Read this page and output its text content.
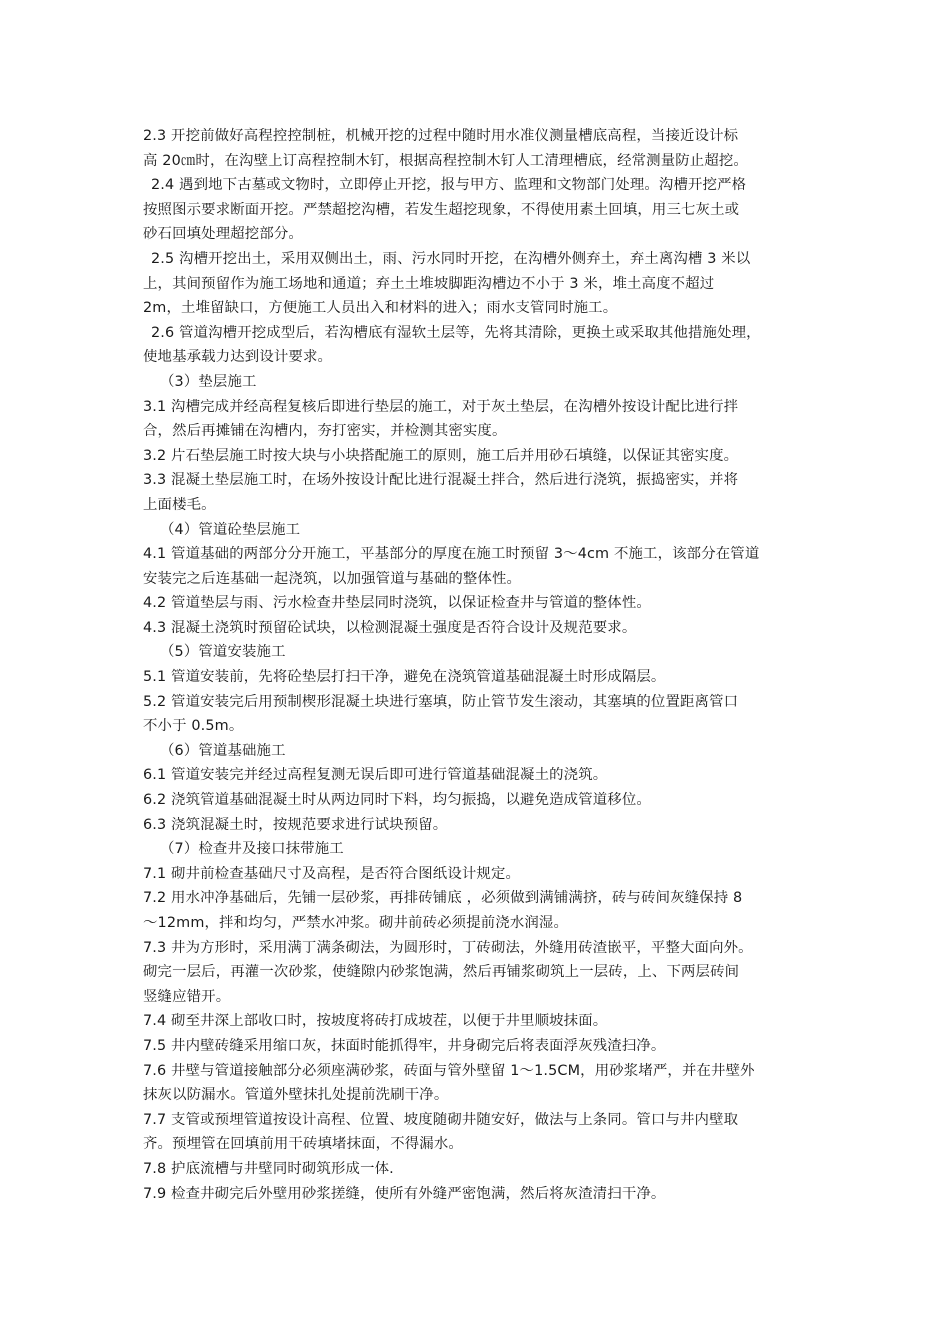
2.3 开挖前做好高程控控制桩，机械开挖的过程中随时用水准仪测量槽底高程，当接近设计标
高 20㎝时，在沟壁上订高程控制木钉，根据高程控制木钉人工清理槽底，经常测量防止超挖。
2.4 遇到地下古墓或文物时，立即停止开挖，报与甲方、监理和文物部门处理。沟槽开挖严格
按照图示要求断面开挖。严禁超挖沟槽，若发生超挖现象，不得使用素土回填，用三七灰土或
砂石回填处理超挖部分。
2.5 沟槽开挖出土，采用双侧出土，雨、污水同时开挖，在沟槽外侧弃土，弃土离沟槽 3 米以
上，其间预留作为施工场地和通道；弃土土堆坡脚距沟槽边不小于 3 米，堆土高度不超过
2m，土堆留缺口，方便施工人员出入和材料的进入；雨水支管同时施工。
2.6 管道沟槽开挖成型后，若沟槽底有湿软土层等，先将其清除，更换土或采取其他措施处理，
使地基承载力达到设计要求。
（3）垫层施工
3.1 沟槽完成并经高程复核后即进行垫层的施工，对于灰土垫层，在沟槽外按设计配比进行拌
合，然后再摊铺在沟槽内，夯打密实，并检测其密实度。
3.2 片石垫层施工时按大块与小块搭配施工的原则，施工后并用砂石填缝，以保证其密实度。
3.3 混凝土垫层施工时，在场外按设计配比进行混凝土拌合，然后进行浇筑，振捣密实，并将
上面楼毛。
（4）管道砼垫层施工
4.1 管道基础的两部分分开施工，平基部分的厚度在施工时预留 3～4cm 不施工，该部分在管道
安装完之后连基础一起浇筑，以加强管道与基础的整体性。
4.2 管道垫层与雨、污水检查井垫层同时浇筑，以保证检查井与管道的整体性。
4.3 混凝土浇筑时预留砼试块，以检测混凝土强度是否符合设计及规范要求。
（5）管道安装施工
5.1 管道安装前，先将砼垫层打扫干净，避免在浇筑管道基础混凝土时形成隔层。
5.2 管道安装完后用预制楔形混凝土块进行塞填，防止管节发生滚动，其塞填的位置距离管口
不小于 0.5m。
（6）管道基础施工
6.1 管道安装完并经过高程复测无误后即可进行管道基础混凝土的浇筑。
6.2 浇筑管道基础混凝土时从两边同时下料，均匀振捣，以避免造成管道移位。
6.3 浇筑混凝土时，按规范要求进行试块预留。
（7）检查井及接口抹带施工
7.1 砌井前检查基础尺寸及高程，是否符合图纸设计规定。
7.2 用水冲净基础后，先铺一层砂浆，再排砖铺底 ，必须做到满铺满挤，砖与砖间灰缝保持 8
～12mm，拌和均匀，严禁水冲浆。砌井前砖必须提前浇水润湿。
7.3 井为方形时，采用满丁满条砌法，为圆形时，丁砖砌法，外缝用砖渣嵌平，平整大面向外。
砌完一层后，再灌一次砂浆，使缝隙内砂浆饱满，然后再铺浆砌筑上一层砖，上、下两层砖间
竖缝应错开。
7.4 砌至井深上部收口时，按坡度将砖打成坡茬，以便于井里顺坡抹面。
7.5 井内壁砖缝采用缩口灰，抹面时能抓得牢，井身砌完后将表面浮灰残渣扫净。
7.6 井壁与管道接触部分必须座满砂浆，砖面与管外壁留 1～1.5CM，用砂浆堵严，并在井壁外
抹灰以防漏水。管道外壁抹扎处提前洗刷干净。
7.7 支管或预埋管道按设计高程、位置、坡度随砌井随安好，做法与上条同。管口与井内壁取
齐。预埋管在回填前用干砖填堵抹面，不得漏水。
7.8 护底流槽与井壁同时砌筑形成一体.
7.9 检查井砌完后外壁用砂浆搓缝，使所有外缝严密饱满，然后将灰渣清扫干净。
